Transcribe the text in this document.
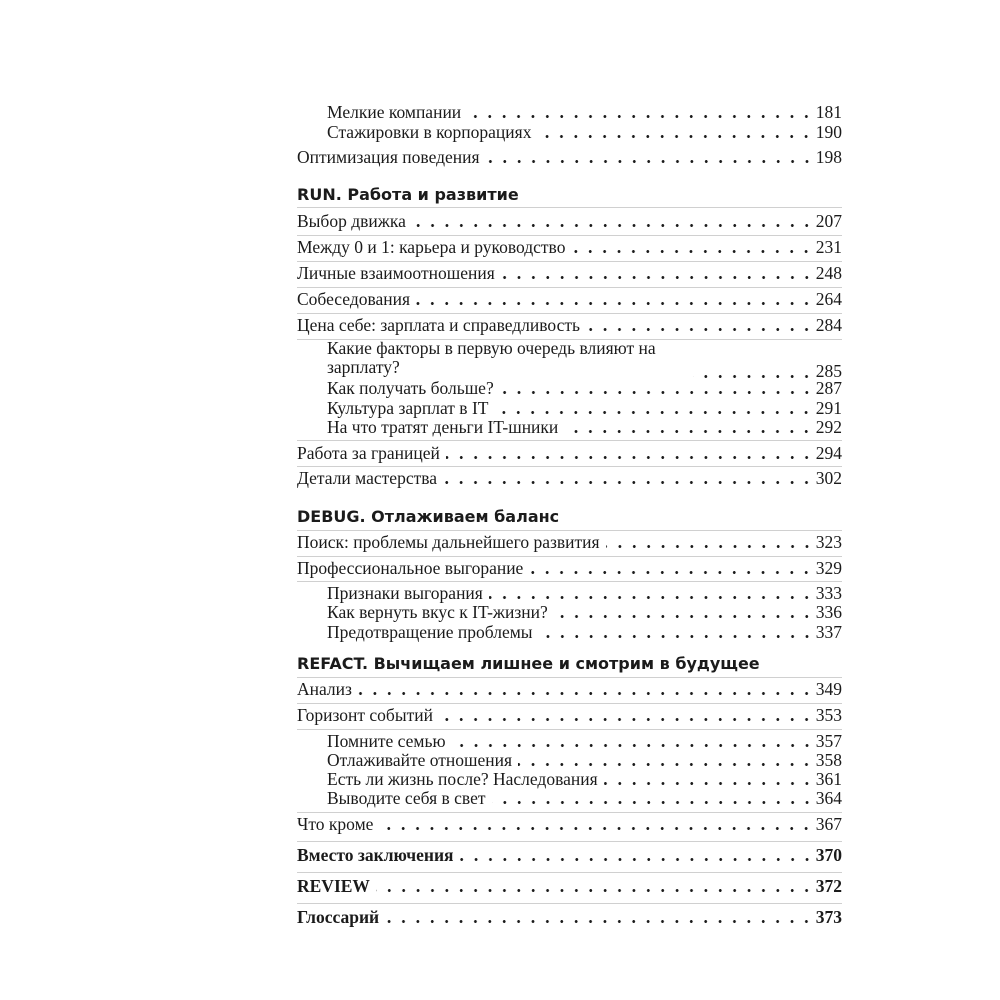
Мелкие компании	181
Стажировки в корпорациях	190
Оптимизация поведения	198
RUN. Работа и развитие
Выбор движка	207
Между 0 и 1: карьера и руководство	231
Личные взаимоотношения	248
Собеседования	264
Цена себе: зарплата и справедливость	284
Какие факторы в первую очередь влияют на зарплату?	285
Как получать больше?	287
Культура зарплат в IT	291
На что тратят деньги IT-шники	292
Работа за границей	294
Детали мастерства	302
DEBUG. Отлаживаем баланс
Поиск: проблемы дальнейшего развития	323
Профессиональное выгорание	329
Признаки выгорания	333
Как вернуть вкус к IT-жизни?	336
Предотвращение проблемы	337
REFACT. Вычищаем лишнее и смотрим в будущее
Анализ	349
Горизонт событий	353
Помните семью	357
Отлаживайте отношения	358
Есть ли жизнь после? Наследования	361
Выводите себя в свет	364
Что кроме	367
Вместо заключения	370
REVIEW	372
Глоссарий	373
